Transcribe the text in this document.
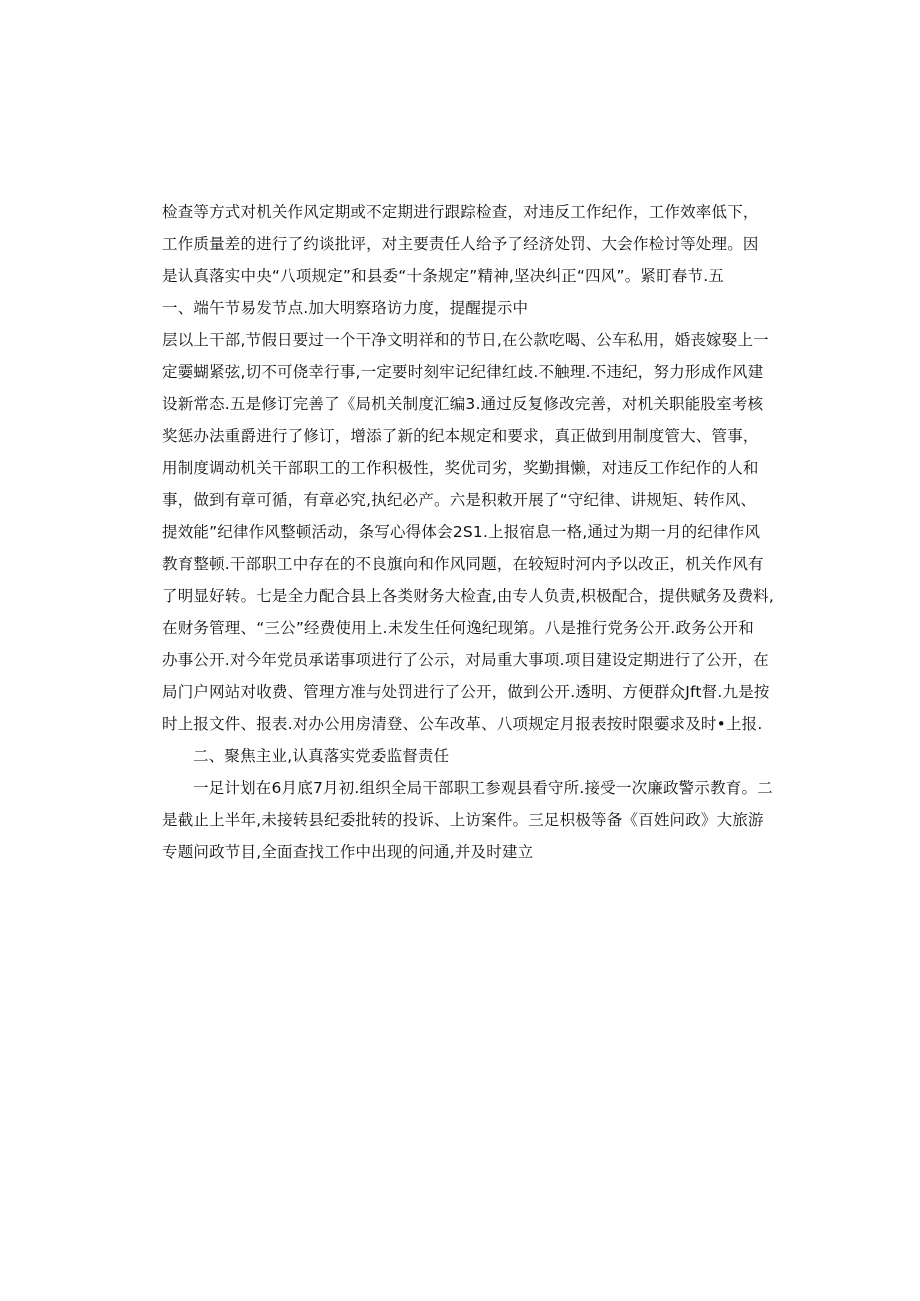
检查等方式对机关作风定期或不定期进行跟踪检查，对违反工作纪作，工作效率低下，
工作质量差的进行了约谈批评，对主要责任人给予了经济处罚、大会作检讨等处理。因
是认真落实中央“八项规定”和县委“十条规定”精神,坚决纠正“四风”。紧盯春节.五
一、端午节易发节点.加大明察珞访力度，提醒提示中
层以上干部,节假日要过一个干净文明祥和的节日,在公款吃喝、公车私用，婚丧嫁娶上一
定孁蝴紧弦,切不可侥幸行事,一定要时刻牢记纪律红歧.不触理.不违纪，努力形成作风建
设新常态.五是修订完善了《局机关制度汇编3.通过反复修改完善，对机关职能股室考核
奖惩办法重爵进行了修订，增添了新的纪本规定和要求，真正做到用制度管大、管事，
用制度调动机关干部职工的工作积极性，奖优司劣，奖勤揖懒，对违反工作纪作的人和
事，做到有章可循，有章必究,执纪必产。六是积敕开展了“守纪律、讲规矩、转作风、
提效能”纪律作风整顿活动，条写心得体会2S1.上报宿息一格,通过为期一月的纪律作风
教育整顿.干部职工中存在的不良旗向和作风同题，在较短时河内予以改正，机关作风有
了明显好转。七是全力配合县上各类财务大检査,由专人负责,枳极配合，提供赋务及费料,
在财务管理、“三公”经费使用上.未发生任何逸纪现第。八是推行党务公开.政务公开和
办事公开.对今年党员承诺事项进行了公示，对局重大事项.项目建设定期进行了公开，在
局门户网站对收费、管理方准与处罚进行了公开，做到公开.透明、方便群众Jft督.九是按
时上报文件、报表.对办公用房清登、公车改革、八项规定月报表按时限孁求及时•上报.
二、聚焦主业,认真落实党委监督责任
一足计划在6月底7月初.组织全局干部职工参观县看守所.接受一次廉政警示教育。二
是截止上半年,未接转县纪委批转的投诉、上访案件。三足枳极等备《百姓问政》大旅游
专题问政节目,全面查找工作中出现的问通,并及时建立
